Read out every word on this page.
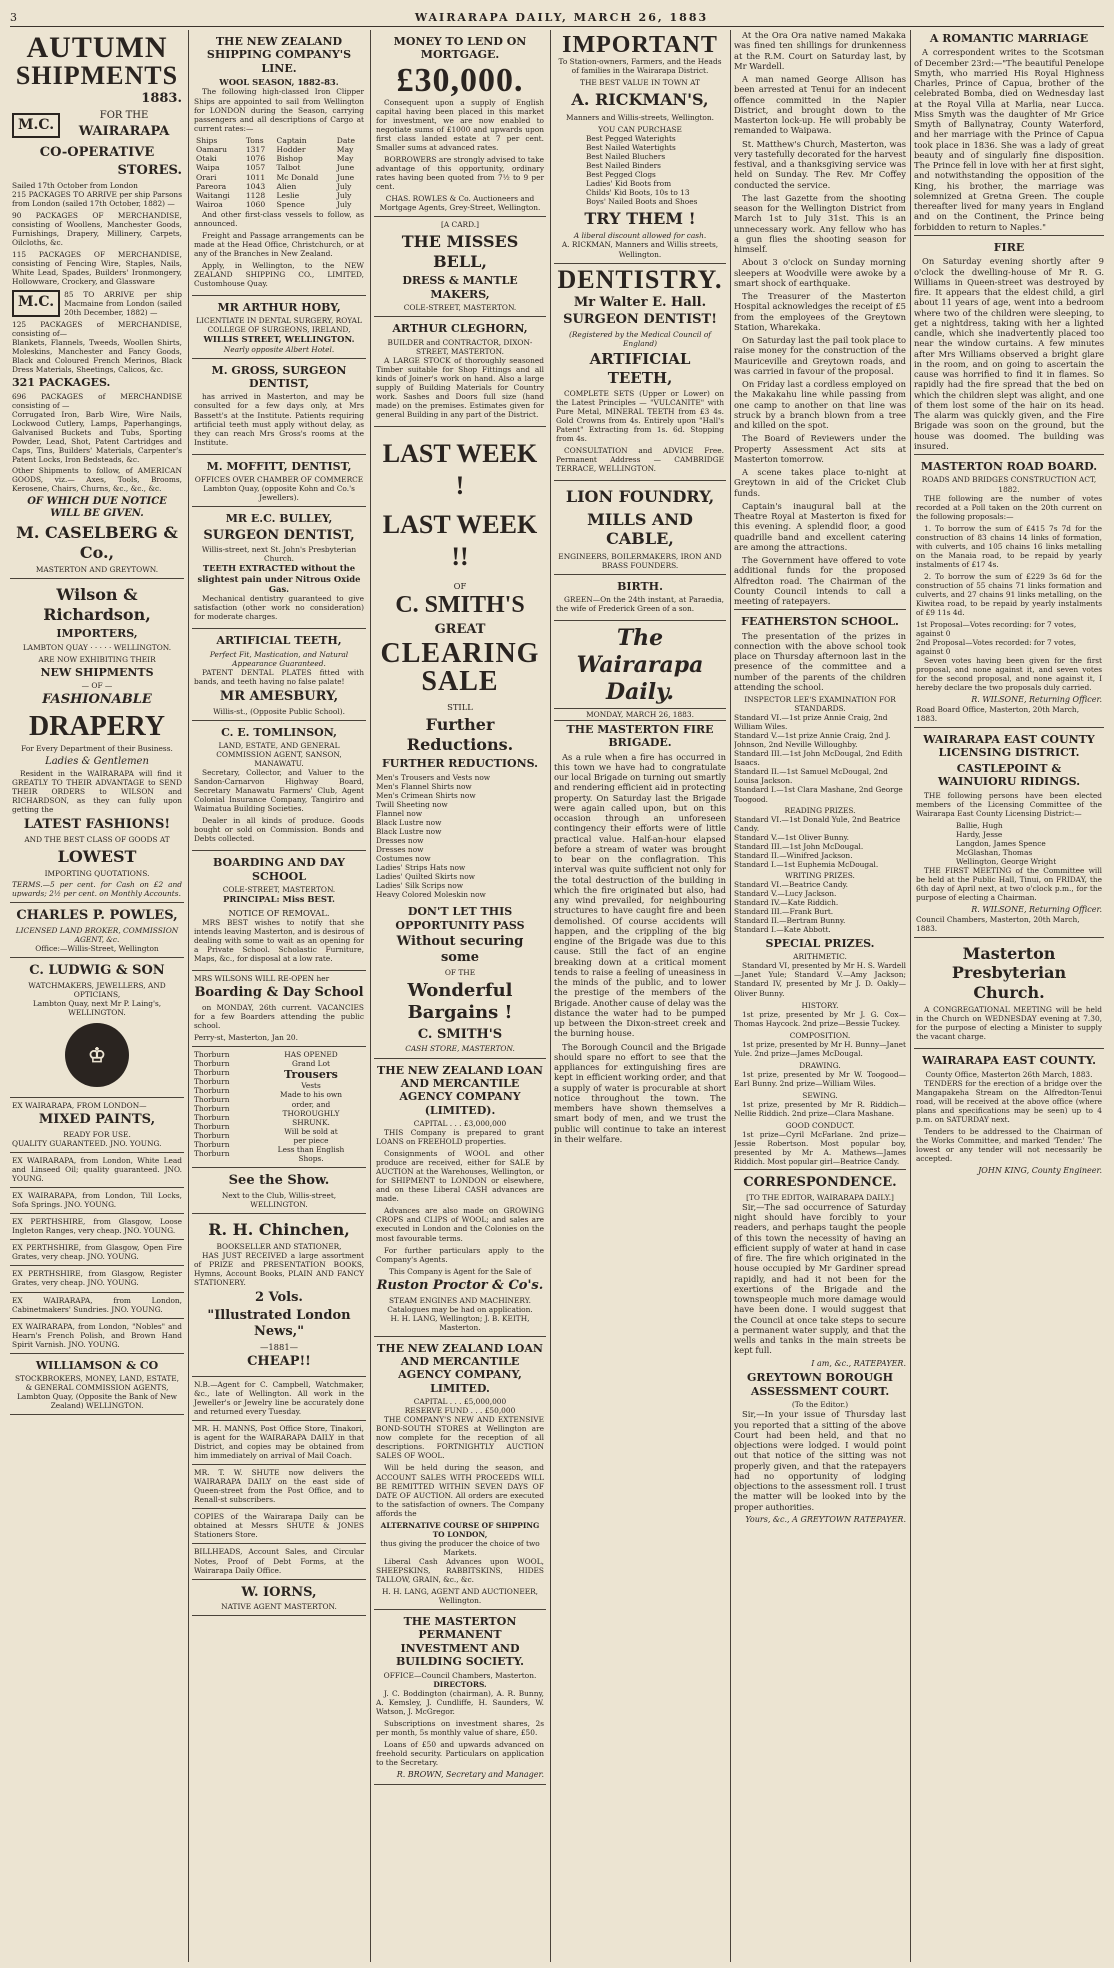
3	WAIRARAPA DAILY, MARCH 26, 1883
AUTUMN
SHIPMENTS
1883.
M.C.
FOR THE
WAIRARAPA
CO-OPERATIVE
STORES.
Sailed 17th October from London
215 PACKAGES TO ARRIVE per ship Parsons from London (sailed 17th October, 1882) —
90 PACKAGES OF MERCHANDISE, consisting of Woollens, Manchester Goods, Furnishings, Drapery, Millinery, Carpets, Oilcloths, &c.
115 PACKAGES OF MERCHANDISE, consisting of Fencing Wire, Staples, Nails, White Lead, Spades, Builders' Ironmongery, Hollowware, Crockery, and Glassware
M.C.	85 TO ARRIVE per ship Macmaine from London (sailed 20th December, 1882) —
125 PACKAGES of MERCHANDISE, consisting of—
Blankets, Flannels, Tweeds, Woollen Shirts, Moleskins, Manchester and Fancy Goods, Black and Coloured French Merinos, Black Dress Materials, Sheetings, Calicos, &c.
321 PACKAGES.
696 PACKAGES of MERCHANDISE consisting of —
Corrugated Iron, Barb Wire, Wire Nails, Lockwood Cutlery, Lamps, Paperhangings, Galvanised Buckets and Tubs, Sporting Powder, Lead, Shot, Patent Cartridges and Caps, Tins, Builders' Materials, Carpenter's Patent Locks, Iron Bedsteads, &c.
Other Shipments to follow, of AMERICAN GOODS, viz.— Axes, Tools, Brooms, Kerosene, Chairs, Churns, &c., &c., &c.
OF WHICH DUE NOTICE WILL BE GIVEN.
M. CASELBERG & Co.,
MASTERTON AND GREYTOWN.
Wilson & Richardson,
IMPORTERS,
LAMBTON QUAY · · · · · WELLINGTON.
ARE NOW EXHIBITING THEIR
NEW SHIPMENTS
— OF —
FASHIONABLE
DRAPERY
For Every Department of their Business.
Ladies & Gentlemen

Resident in the WAIRARAPA will find it GREATLY TO THEIR ADVANTAGE to SEND THEIR ORDERS to WILSON and RICHARDSON, as they can fully upon getting the

LATEST FASHIONS!
AND THE BEST CLASS OF GOODS AT
LOWEST
IMPORTING QUOTATIONS.
TERMS.—5 per cent. for Cash on £2 and upwards; 2½ per cent. on Monthly Accounts.
CHARLES P. POWLES,
LICENSED LAND BROKER, COMMISSION AGENT, &c.
Office:—Willis-Street, Wellington
C. LUDWIG & SON
WATCHMAKERS, JEWELLERS, AND OPTICIANS,
Lambton Quay, next Mr P. Laing's, WELLINGTON.
♔
EX WAIRARAPA, FROM LONDON—
MIXED PAINTS,
READY FOR USE.
QUALITY GUARANTEED. JNO. YOUNG.
EX WAIRARAPA, from London, White Lead and Linseed Oil; quality guaranteed. JNO. YOUNG.
EX WAIRARAPA, from London, Till Locks, Sofa Springs. JNO. YOUNG.
EX PERTHSHIRE, from Glasgow, Loose Ingleton Ranges, very cheap. JNO. YOUNG.
EX PERTHSHIRE, from Glasgow, Open Fire Grates, very cheap. JNO. YOUNG.
EX PERTHSHIRE, from Glasgow, Register Grates, very cheap. JNO. YOUNG.
EX WAIRARAPA, from London, Cabinetmakers' Sundries. JNO. YOUNG.
EX WAIRARAPA, from London, "Nobles" and Hearn's French Polish, and Brown Hand Spirit Varnish. JNO. YOUNG.
WILLIAMSON & CO
STOCKBROKERS, MONEY, LAND, ESTATE, & GENERAL COMMISSION AGENTS, Lambton Quay, (Opposite the Bank of New Zealand) WELLINGTON.
THE NEW ZEALAND SHIPPING COMPANY'S LINE.
WOOL SEASON, 1882-83.

The following high-classed Iron Clipper Ships are appointed to sail from Wellington for LONDON during the Season, carrying passengers and all descriptions of Cargo at current rates:—

Ships	Tons	Captain	Date
Oamaru	1317	Hodder	May
Otaki	1076	Bishop	May
Waipa	1057	Talbot	June
Orari	1011	Mc Donald	June
Pareora	1043	Alien	July
Waitangi	1128	Leslie	July
Wairoa	1060	Spence	July

And other first-class vessels to follow, as announced.

Freight and Passage arrangements can be made at the Head Office, Christchurch, or at any of the Branches in New Zealand.

Apply, in Wellington, to the NEW ZEALAND SHIPPING CO., LIMITED, Customhouse Quay.

MR ARTHUR HOBY,
LICENTIATE IN DENTAL SURGERY, ROYAL COLLEGE OF SURGEONS, IRELAND,
WILLIS STREET, WELLINGTON.
Nearly opposite Albert Hotel.
M. GROSS, SURGEON DENTIST,

has arrived in Masterton, and may be consulted for a few days only, at Mrs Bassett's at the Institute. Patients requiring artificial teeth must apply without delay, as they can reach Mrs Gross's rooms at the Institute.

M. MOFFITT, DENTIST,
OFFICES OVER CHAMBER OF COMMERCE
Lambton Quay, (opposite Kohn and Co.'s Jewellers).
MR E.C. BULLEY,
SURGEON DENTIST,
Willis-street, next St. John's Presbyterian Church.
TEETH EXTRACTED without the slightest pain under Nitrous Oxide Gas.

Mechanical dentistry guaranteed to give satisfaction (other work no consideration) for moderate charges.

ARTIFICIAL TEETH,
Perfect Fit, Mastication, and Natural Appearance Guaranteed.

PATENT DENTAL PLATES fitted with bands, and teeth having no false palate!

MR AMESBURY,
Willis-st., (Opposite Public School).
C. E. TOMLINSON,
LAND, ESTATE, AND GENERAL COMMISSION AGENT, SANSON, MANAWATU.

Secretary, Collector, and Valuer to the Sandon-Carnarvon Highway Board, Secretary Manawatu Farmers' Club, Agent Colonial Insurance Company, Tangiriro and Waimatua Building Societies.

Dealer in all kinds of produce. Goods bought or sold on Commission. Bonds and Debts collected.

BOARDING AND DAY SCHOOL
COLE-STREET, MASTERTON.
PRINCIPAL: Miss BEST.
NOTICE OF REMOVAL.

MRS BEST wishes to notify that she intends leaving Masterton, and is desirous of dealing with some to wait as an opening for a Private School. Scholastic Furniture, Maps, &c., for disposal at a low rate.

MRS WILSONS WILL RE-OPEN her
Boarding & Day School

on MONDAY, 26th current. VACANCIES for a few Boarders attending the public school.

Perry-st, Masterton, Jan 20.
Thorburn
Thorburn
Thorburn
Thorburn
Thorburn
Thorburn
Thorburn
Thorburn
Thorburn
Thorburn
Thorburn
Thorburn
HAS OPENED
Grand Lot
Trousers
Vests
Made to his own
order, and
THOROUGHLY
SHRUNK.
Will be sold at
per piece
Less than English
Shops.
See the Show.
Next to the Club, Willis-street, WELLINGTON.
R. H. Chinchen,
BOOKSELLER AND STATIONER,

HAS JUST RECEIVED a large assortment of PRIZE and PRESENTATION BOOKS, Hymns, Account Books, PLAIN AND FANCY STATIONERY.

2 Vols.
"Illustrated London News,"
—1881—
CHEAP!!
N.B.—Agent for C. Campbell, Watchmaker, &c., late of Wellington. All work in the Jeweller's or Jewelry line be accurately done and returned every Tuesday.
MR. H. MANNS, Post Office Store, Tinakori, is agent for the WAIRARAPA DAILY in that District, and copies may be obtained from him immediately on arrival of Mail Coach.
MR. T. W. SHUTE now delivers the WAIRARAPA DAILY on the east side of Queen-street from the Post Office, and to Renall-st subscribers.
COPIES of the Wairarapa Daily can be obtained at Messrs SHUTE & JONES Stationers Store.
BILLHEADS, Account Sales, and Circular Notes, Proof of Debt Forms, at the Wairarapa Daily Office.
W. IORNS,
NATIVE AGENT MASTERTON.
MONEY TO LEND ON MORTGAGE.
£30,000.

Consequent upon a supply of English capital having been placed in this market for investment, we are now enabled to negotiate sums of £1000 and upwards upon first class landed estate at 7 per cent. Smaller sums at advanced rates.

BORROWERS are strongly advised to take advantage of this opportunity, ordinary rates having been quoted from 7½ to 9 per cent.

CHAS. ROWLES & Co. Auctioneers and Mortgage Agents, Grey-Street, Wellington.
[A CARD.]
THE MISSES BELL,
DRESS & MANTLE MAKERS,
COLE-STREET, MASTERTON.
ARTHUR CLEGHORN,
BUILDER and CONTRACTOR, DIXON-STREET, MASTERTON.

A LARGE STOCK of thoroughly seasoned Timber suitable for Shop Fittings and all kinds of Joiner's work on hand. Also a large supply of Building Materials for Country work. Sashes and Doors full size (hand made) on the premises. Estimates given for general Building in any part of the District.

LAST WEEK !
LAST WEEK !!
OF
C. SMITH'S
GREAT
CLEARING
SALE
STILL
Further Reductions.
FURTHER REDUCTIONS.
Men's Trousers and Vests now
Men's Flannel Shirts now
Men's Crimean Shirts now
Twill Sheeting now
Flannel now
Black Lustre now
Black Lustre now
Dresses now
Dresses now
Costumes now
Ladies' Strips Hats now
Ladies' Quilted Skirts now
Ladies' Silk Scrips now
Heavy Colored Moleskin now
DON'T LET THIS OPPORTUNITY PASS
Without securing some
OF THE
Wonderful Bargains !
C. SMITH'S
CASH STORE, MASTERTON.
THE NEW ZEALAND LOAN AND MERCANTILE AGENCY COMPANY (LIMITED).
CAPITAL . . . £3,000,000

THIS Company is prepared to grant LOANS on FREEHOLD properties.

Consignments of WOOL and other produce are received, either for SALE by AUCTION at the Warehouses, Wellington, or for SHIPMENT to LONDON or elsewhere, and on these Liberal CASH advances are made.

Advances are also made on GROWING CROPS and CLIPS of WOOL; and sales are executed in London and the Colonies on the most favourable terms.

For further particulars apply to the Company's Agents.

This Company is Agent for the Sale of
Ruston Proctor & Co's.
STEAM ENGINES AND MACHINERY.
Catalogues may be had on application.
H. H. LANG, Wellington; J. B. KEITH, Masterton.
THE NEW ZEALAND LOAN AND MERCANTILE AGENCY COMPANY, LIMITED.
CAPITAL . . . £5,000,000
RESERVE FUND . . . £50,000

THE COMPANY'S NEW AND EXTENSIVE BOND-SOUTH STORES at Wellington are now complete for the reception of all descriptions. FORTNIGHTLY AUCTION SALES OF WOOL.

Will be held during the season, and ACCOUNT SALES WITH PROCEEDS WILL BE REMITTED WITHIN SEVEN DAYS OF DATE OF AUCTION. All orders are executed to the satisfaction of owners. The Company affords the

ALTERNATIVE COURSE OF SHIPPING TO LONDON,
thus giving the producer the choice of two Markets.

Liberal Cash Advances upon WOOL, SHEEPSKINS, RABBITSKINS, HIDES TALLOW, GRAIN, &c., &c.

H. H. LANG, AGENT AND AUCTIONEER, Wellington.
THE MASTERTON PERMANENT INVESTMENT AND BUILDING SOCIETY.
OFFICE—Council Chambers, Masterton.
DIRECTORS.

J. C. Boddington (chairman), A. R. Bunny, A. Kemsley, J. Cundliffe, H. Saunders, W. Watson, J. McGregor.

Subscriptions on investment shares, 2s per month, 5s monthly value of share, £50.

Loans of £50 and upwards advanced on freehold security. Particulars on application to the Secretary.

R. BROWN, Secretary and Manager.
IMPORTANT
To Station-owners, Farmers, and the Heads of families in the Wairarapa District.
THE BEST VALUE IN TOWN AT
A. RICKMAN'S,
Manners and Willis-streets, Wellington.
YOU CAN PURCHASE
Best Pegged Waterights
Best Nailed Watertights
Best Nailed Bluchers
Best Nailed Binders
Best Pegged Clogs
Ladies' Kid Boots from
Childs' Kid Boots, 10s to 13
Boys' Nailed Boots and Shoes
TRY THEM !
A liberal discount allowed for cash.
A. RICKMAN, Manners and Willis streets, Wellington.
DENTISTRY.
Mr Walter E. Hall.
SURGEON DENTIST!
(Registered by the Medical Council of England)
ARTIFICIAL TEETH,

COMPLETE SETS (Upper or Lower) on the Latest Principles — "VULCANITE" with Pure Metal, MINERAL TEETH from £3 4s. Gold Crowns from 4s. Entirely upon "Hall's Patent" Extracting from 1s. 6d. Stopping from 4s.

CONSULTATION and ADVICE Free. Permanent Address — CAMBRIDGE TERRACE, WELLINGTON.

LION FOUNDRY,
MILLS AND CABLE,
ENGINEERS, BOILERMAKERS, IRON AND BRASS FOUNDERS.
BIRTH.

GREEN—On the 24th instant, at Paraedia, the wife of Frederick Green of a son.

The Wairarapa Daily.
MONDAY, MARCH 26, 1883.
THE MASTERTON FIRE BRIGADE.

As a rule when a fire has occurred in this town we have had to congratulate our local Brigade on turning out smartly and rendering efficient aid in protecting property. On Saturday last the Brigade were again called upon, but on this occasion through an unforeseen contingency their efforts were of little practical value. Half-an-hour elapsed before a stream of water was brought to bear on the conflagration. This interval was quite sufficient not only for the total destruction of the building in which the fire originated but also, had any wind prevailed, for neighbouring structures to have caught fire and been demolished. Of course accidents will happen, and the crippling of the big engine of the Brigade was due to this cause. Still the fact of an engine breaking down at a critical moment tends to raise a feeling of uneasiness in the minds of the public, and to lower the prestige of the members of the Brigade. Another cause of delay was the distance the water had to be pumped up between the Dixon-street creek and the burning house.

The Borough Council and the Brigade should spare no effort to see that the appliances for extinguishing fires are kept in efficient working order, and that a supply of water is procurable at short notice throughout the town. The members have shown themselves a smart body of men, and we trust the public will continue to take an interest in their welfare.

At the Ora Ora native named Makaka was fined ten shillings for drunkenness at the R.M. Court on Saturday last, by Mr Wardell.

A man named George Allison has been arrested at Tenui for an indecent offence committed in the Napier District, and brought down to the Masterton lock-up. He will probably be remanded to Waipawa.

St. Matthew's Church, Masterton, was very tastefully decorated for the harvest festival, and a thanksgiving service was held on Sunday. The Rev. Mr Coffey conducted the service.

The last Gazette from the shooting season for the Wellington District from March 1st to July 31st. This is an unnecessary work. Any fellow who has a gun flies the shooting season for himself.

About 3 o'clock on Sunday morning sleepers at Woodville were awoke by a smart shock of earthquake.

The Treasurer of the Masterton Hospital acknowledges the receipt of £5 from the employees of the Greytown Station, Wharekaka.

On Saturday last the pail took place to raise money for the construction of the Mauriceville and Greytown roads, and was carried in favour of the proposal.

On Friday last a cordless employed on the Makakahu line while passing from one camp to another on that line was struck by a branch blown from a tree and killed on the spot.

The Board of Reviewers under the Property Assessment Act sits at Masterton tomorrow.

A scene takes place to-night at Greytown in aid of the Cricket Club funds.

Captain's inaugural ball at the Theatre Royal at Masterton is fixed for this evening. A splendid floor, a good quadrille band and excellent catering are among the attractions.

The Government have offered to vote additional funds for the proposed Alfredton road. The Chairman of the County Council intends to call a meeting of ratepayers.

FEATHERSTON SCHOOL.

The presentation of the prizes in connection with the above school took place on Thursday afternoon last in the presence of the committee and a number of the parents of the children attending the school.

INSPECTOR LEE'S EXAMINATION FOR STANDARDS.
Standard VI.—1st prize Annie Craig, 2nd William Wiles.
Standard V.—1st prize Annie Craig, 2nd J. Johnson, 2nd Neville Willoughby.
Standard III.—1st John McDougal, 2nd Edith Isaacs.
Standard II.—1st Samuel McDougal, 2nd Louisa Jackson.
Standard I.—1st Clara Mashane, 2nd George Toogood.
READING PRIZES.
Standard VI.—1st Donald Yule, 2nd Beatrice Candy.
Standard V.—1st Oliver Bunny.
Standard III.—1st John McDougal.
Standard II.—Winifred Jackson.
Standard I.—1st Euphemia McDougal.
WRITING PRIZES.
Standard VI.—Beatrice Candy.
Standard V.—Lucy Jackson.
Standard IV.—Kate Riddich.
Standard III.—Frank Burt.
Standard II.—Bertram Bunny.
Standard I.—Kate Abbott.
SPECIAL PRIZES.
ARITHMETIC.

Standard VI, presented by Mr H. S. Wardell—Janet Yule; Standard V.—Amy Jackson; Standard IV, presented by Mr J. D. Oakly—Oliver Bunny.

HISTORY.

1st prize, presented by Mr J. G. Cox—Thomas Haycock. 2nd prize—Bessie Tuckey.

COMPOSITION.

1st prize, presented by Mr H. Bunny—Janet Yule. 2nd prize—James McDougal.

DRAWING.

1st prize, presented by Mr W. Toogood—Earl Bunny. 2nd prize—William Wiles.

SEWING.

1st prize, presented by Mr R. Riddich—Nellie Riddich. 2nd prize—Clara Mashane.

GOOD CONDUCT.

1st prize—Cyril McFarlane. 2nd prize—Jessie Robertson. Most popular boy, presented by Mr A. Mathews—James Riddich. Most popular girl—Beatrice Candy.

CORRESPONDENCE.
[TO THE EDITOR, WAIRARAPA DAILY.]

Sir,—The sad occurrence of Saturday night should have forcibly to your readers, and perhaps taught the people of this town the necessity of having an efficient supply of water at hand in case of fire. The fire which originated in the house occupied by Mr Gardiner spread rapidly, and had it not been for the exertions of the Brigade and the townspeople much more damage would have been done. I would suggest that the Council at once take steps to secure a permanent water supply, and that the wells and tanks in the main streets be kept full.

I am, &c., RATEPAYER.
GREYTOWN BOROUGH ASSESSMENT COURT.
(To the Editor.)

Sir,—In your issue of Thursday last you reported that a sitting of the above Court had been held, and that no objections were lodged. I would point out that notice of the sitting was not properly given, and that the ratepayers had no opportunity of lodging objections to the assessment roll. I trust the matter will be looked into by the proper authorities.

Yours, &c., A GREYTOWN RATEPAYER.
A ROMANTIC MARRIAGE

A correspondent writes to the Scotsman of December 23rd:—"The beautiful Penelope Smyth, who married His Royal Highness Charles, Prince of Capua, brother of the celebrated Bomba, died on Wednesday last at the Royal Villa at Marlia, near Lucca. Miss Smyth was the daughter of Mr Grice Smyth of Ballynatray, County Waterford, and her marriage with the Prince of Capua took place in 1836. She was a lady of great beauty and of singularly fine disposition. The Prince fell in love with her at first sight, and notwithstanding the opposition of the King, his brother, the marriage was solemnized at Gretna Green. The couple thereafter lived for many years in England and on the Continent, the Prince being forbidden to return to Naples."

FIRE

On Saturday evening shortly after 9 o'clock the dwelling-house of Mr R. G. Williams in Queen-street was destroyed by fire. It appears that the eldest child, a girl about 11 years of age, went into a bedroom where two of the children were sleeping, to get a nightdress, taking with her a lighted candle, which she inadvertently placed too near the window curtains. A few minutes after Mrs Williams observed a bright glare in the room, and on going to ascertain the cause was horrified to find it in flames. So rapidly had the fire spread that the bed on which the children slept was alight, and one of them lost some of the hair on its head. The alarm was quickly given, and the Fire Brigade was soon on the ground, but the house was doomed. The building was insured.

MASTERTON ROAD BOARD.
ROADS AND BRIDGES CONSTRUCTION ACT, 1882.

THE following are the number of votes recorded at a Poll taken on the 20th current on the following proposals:—

1. To borrow the sum of £415 7s 7d for the construction of 83 chains 14 links of formation, with culverts, and 105 chains 16 links metalling on the Manaia road, to be repaid by yearly instalments of £17 4s.

2. To borrow the sum of £229 3s 6d for the construction of 55 chains 71 links formation and culverts, and 27 chains 91 links metalling, on the Kiwitea road, to be repaid by yearly instalments of £9 11s 4d.

1st Proposal—Votes recording: for 7 votes, against 0
2nd Proposal—Votes recorded: for 7 votes, against 0

Seven votes having been given for the first proposal, and none against it, and seven votes for the second proposal, and none against it, I hereby declare the two proposals duly carried.

R. WILSONE, Returning Officer.
Road Board Office, Masterton, 20th March, 1883.
WAIRARAPA EAST COUNTY LICENSING DISTRICT.
CASTLEPOINT & WAINUIORU RIDINGS.

THE following persons have been elected members of the Licensing Committee of the Wairarapa East County Licensing District:—

Ballie, Hugh
Hardy, Jesse
Langdon, James Spence
McGlashan, Thomas
Wellington, George Wright

THE FIRST MEETING of the Committee will be held at the Public Hall, Tinui, on FRIDAY, the 6th day of April next, at two o'clock p.m., for the purpose of electing a Chairman.

R. WILSONE, Returning Officer.
Council Chambers, Masterton, 20th March, 1883.
Masterton Presbyterian Church.

A CONGREGATIONAL MEETING will be held in the Church on WEDNESDAY evening at 7.30, for the purpose of electing a Minister to supply the vacant charge.

WAIRARAPA EAST COUNTY.
County Office, Masterton 26th March, 1883.

TENDERS for the erection of a bridge over the Mangapakeha Stream on the Alfredton-Tenui road, will be received at the above office (where plans and specifications may be seen) up to 4 p.m. on SATURDAY next.

Tenders to be addressed to the Chairman of the Works Committee, and marked 'Tender.' The lowest or any tender will not necessarily be accepted.

JOHN KING, County Engineer.
